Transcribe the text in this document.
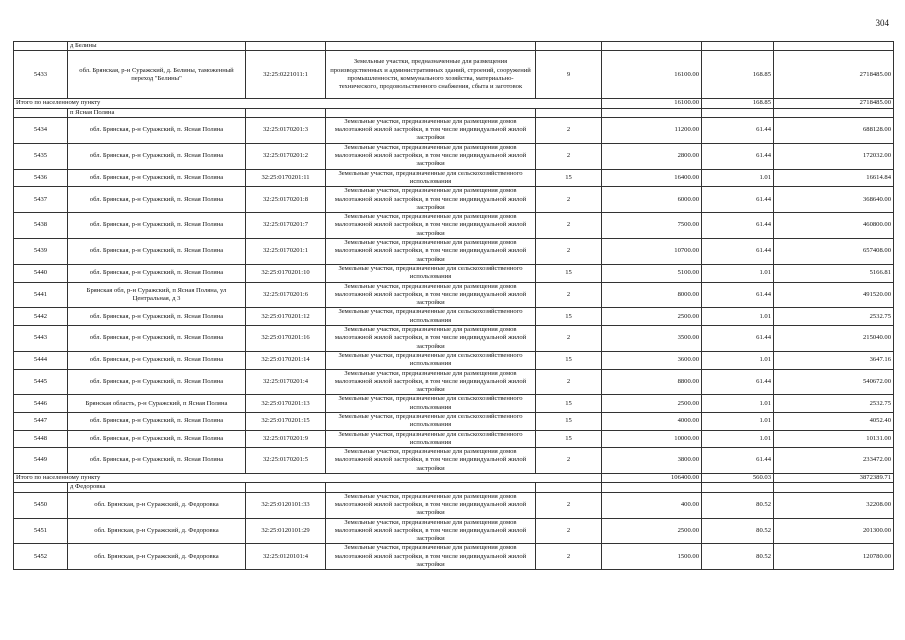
304
	д Белины						
5433	обл. Брянская, р-н Суражский, д. Белины, таможенный переход "Белины"	32:25:0221011:1	Земельные участки, предназначенные для размещения производственных и административных зданий, строений, сооружений промышленности, коммунального хозяйства, материально-технического, продовольственного снабжения, сбыта и заготовок	9	16100.00	168.85	2718485.00
Итого по населенному пункту					16100.00	168.85	2718485.00
	п Ясная Поляна						
5434	обл. Брянская, р-н Суражский, п. Ясная Поляна	32:25:0170201:3	Земельные участки, предназначенные для размещения домов малоэтажной жилой застройки, в том числе индивидуальной жилой застройки	2	11200.00	61.44	688128.00
5435	обл. Брянская, р-н Суражский, п. Ясная Поляна	32:25:0170201:2	Земельные участки, предназначенные для размещения домов малоэтажной жилой застройки, в том числе индивидуальной жилой застройки	2	2800.00	61.44	172032.00
5436	обл. Брянская, р-н Суражский, п. Ясная Поляна	32:25:0170201:11	Земельные участки, предназначенные для сельскохозяйственного использования	15	16400.00	1.01	16614.84
5437	обл. Брянская, р-н Суражский, п. Ясная Поляна	32:25:0170201:8	Земельные участки, предназначенные для размещения домов малоэтажной жилой застройки, в том числе индивидуальной жилой застройки	2	6000.00	61.44	368640.00
5438	обл. Брянская, р-н Суражский, п. Ясная Поляна	32:25:0170201:7	Земельные участки, предназначенные для размещения домов малоэтажной жилой застройки, в том числе индивидуальной жилой застройки	2	7500.00	61.44	460800.00
5439	обл. Брянская, р-н Суражский, п. Ясная Поляна	32:25:0170201:1	Земельные участки, предназначенные для размещения домов малоэтажной жилой застройки, в том числе индивидуальной жилой застройки	2	10700.00	61.44	657408.00
5440	обл. Брянская, р-н Суражский, п. Ясная Поляна	32:25:0170201:10	Земельные участки, предназначенные для сельскохозяйственного использования	15	5100.00	1.01	5166.81
5441	Брянская обл, р-н Суражский, п Ясная Поляна, ул Центральная, д 3	32:25:0170201:6	Земельные участки, предназначенные для размещения домов малоэтажной жилой застройки, в том числе индивидуальной жилой застройки	2	8000.00	61.44	491520.00
5442	обл. Брянская, р-н Суражский, п. Ясная Поляна	32:25:0170201:12	Земельные участки, предназначенные для сельскохозяйственного использования	15	2500.00	1.01	2532.75
5443	обл. Брянская, р-н Суражский, п. Ясная Поляна	32:25:0170201:16	Земельные участки, предназначенные для размещения домов малоэтажной жилой застройки, в том числе индивидуальной жилой застройки	2	3500.00	61.44	215040.00
5444	обл. Брянская, р-н Суражский, п. Ясная Поляна	32:25:0170201:14	Земельные участки, предназначенные для сельскохозяйственного использования	15	3600.00	1.01	3647.16
5445	обл. Брянская, р-н Суражский, п. Ясная Поляна	32:25:0170201:4	Земельные участки, предназначенные для размещения домов малоэтажной жилой застройки, в том числе индивидуальной жилой застройки	2	8800.00	61.44	540672.00
5446	Брянская область, р-н Суражский, п Ясная Поляна	32:25:0170201:13	Земельные участки, предназначенные для сельскохозяйственного использования	15	2500.00	1.01	2532.75
5447	обл. Брянская, р-н Суражский, п. Ясная Поляна	32:25:0170201:15	Земельные участки, предназначенные для сельскохозяйственного использования	15	4000.00	1.01	4052.40
5448	обл. Брянская, р-н Суражский, п. Ясная Поляна	32:25:0170201:9	Земельные участки, предназначенные для сельскохозяйственного использования	15	10000.00	1.01	10131.00
5449	обл. Брянская, р-н Суражский, п. Ясная Поляна	32:25:0170201:5	Земельные участки, предназначенные для размещения домов малоэтажной жилой застройки, в том числе индивидуальной жилой застройки	2	3800.00	61.44	233472.00
Итого по населенному пункту					106400.00	560.03	3872389.71
	д Федоровка						
5450	обл. Брянская, р-н Суражский, д. Федоровка	32:25:0120101:33	Земельные участки, предназначенные для размещения домов малоэтажной жилой застройки, в том числе индивидуальной жилой застройки	2	400.00	80.52	32208.00
5451	обл. Брянская, р-н Суражский, д. Федоровка	32:25:0120101:29	Земельные участки, предназначенные для размещения домов малоэтажной жилой застройки, в том числе индивидуальной жилой застройки	2	2500.00	80.52	201300.00
5452	обл. Брянская, р-н Суражский, д. Федоровка	32:25:0120101:4	Земельные участки, предназначенные для размещения домов малоэтажной жилой застройки, в том числе индивидуальной жилой застройки	2	1500.00	80.52	120780.00
